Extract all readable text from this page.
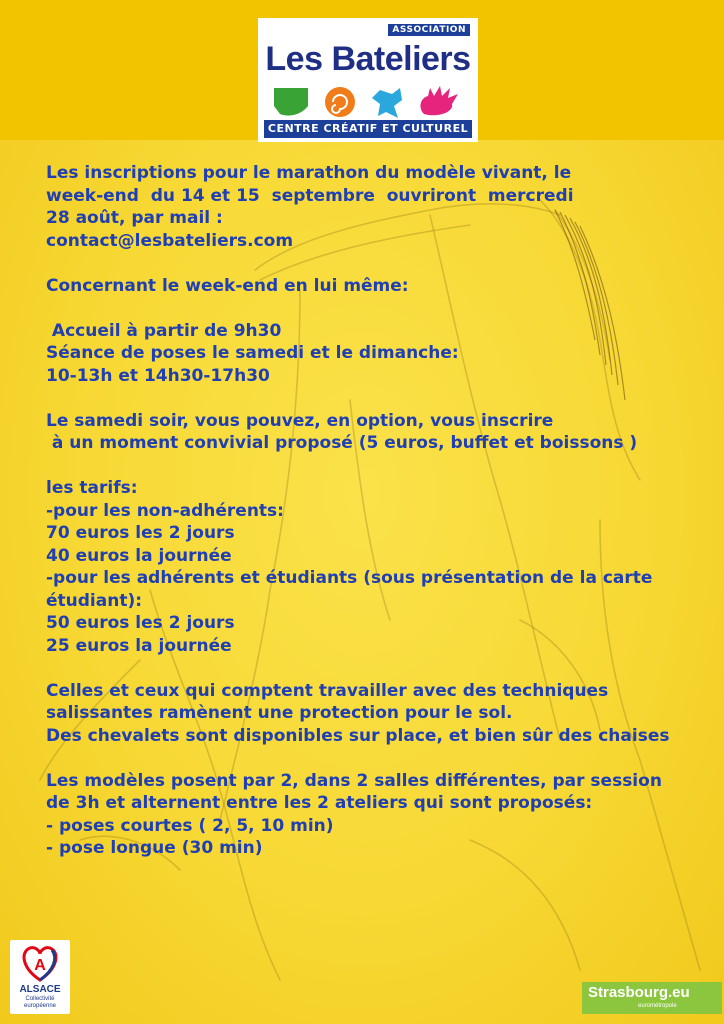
ASSOCIATION
Les Bateliers
CENTRE CRÉATIF ET CULTUREL
Les inscriptions pour le marathon du modèle vivant, le
week-end  du 14 et 15  septembre  ouvriront  mercredi
28 août, par mail :
contact@lesbateliers.com
Concernant le week-end en lui même:
Accueil à partir de 9h30
Séance de poses le samedi et le dimanche:
10-13h et 14h30-17h30
Le samedi soir, vous pouvez, en option, vous inscrire
à un moment convivial proposé (5 euros, buffet et boissons )
les tarifs:
-pour les non-adhérents:
70 euros les 2 jours
40 euros la journée
-pour les adhérents et étudiants (sous présentation de la carte
étudiant):
50 euros les 2 jours
25 euros la journée
Celles et ceux qui comptent travailler avec des techniques
salissantes ramènent une protection pour le sol.
Des chevalets sont disponibles sur place, et bien sûr des chaises
Les modèles posent par 2, dans 2 salles différentes, par session
de 3h et alternent entre les 2 ateliers qui sont proposés:
- poses courtes ( 2, 5, 10 min)
- pose longue (30 min)
A
ALSACE
Collectivité
européenne
Strasbourg.eu
eurométropole
